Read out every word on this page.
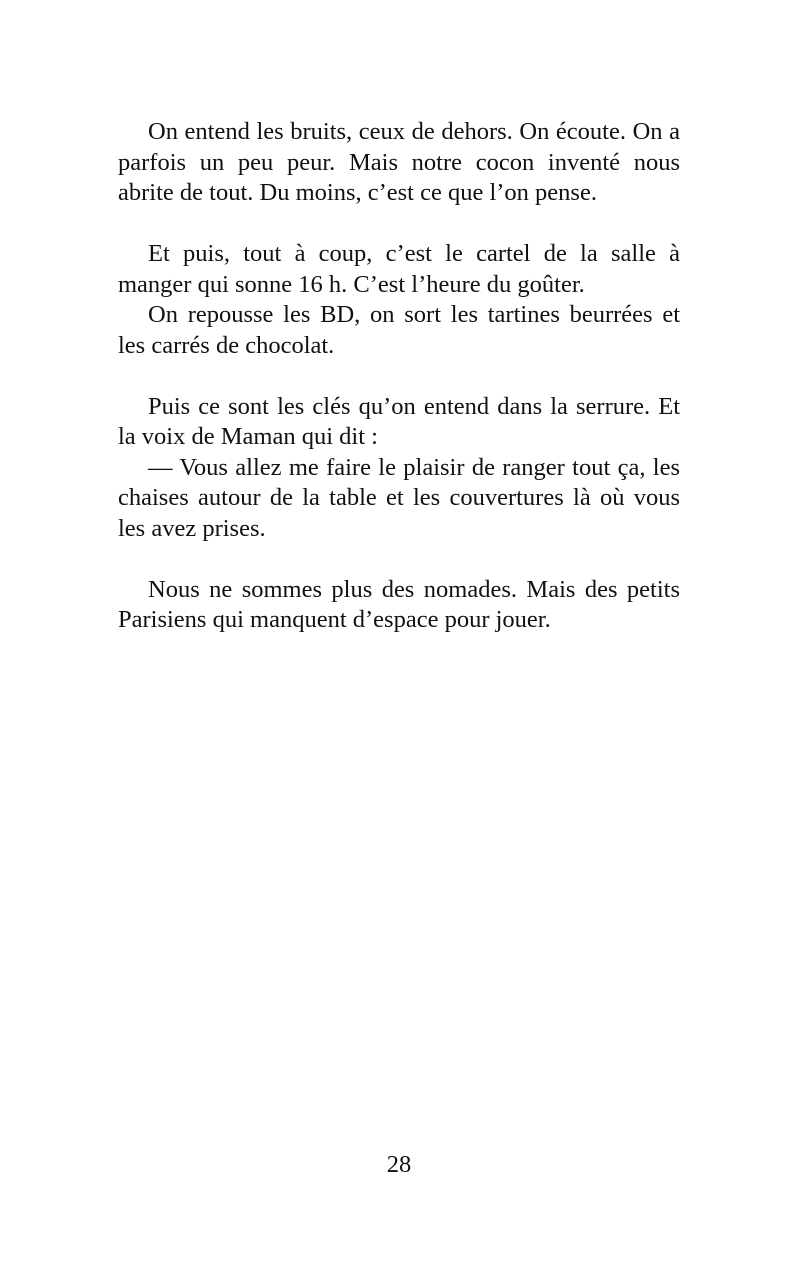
On entend les bruits, ceux de dehors. On écoute. On a parfois un peu peur. Mais notre cocon inventé nous abrite de tout. Du moins, c’est ce que l’on pense.

Et puis, tout à coup, c’est le cartel de la salle à manger qui sonne 16 h. C’est l’heure du goûter.

On repousse les BD, on sort les tartines beurrées et les carrés de chocolat.

Puis ce sont les clés qu’on entend dans la serrure. Et la voix de Maman qui dit :

— Vous allez me faire le plaisir de ranger tout ça, les chaises autour de la table et les couvertures là où vous les avez prises.

Nous ne sommes plus des nomades. Mais des petits Parisiens qui manquent d’espace pour jouer.

28
